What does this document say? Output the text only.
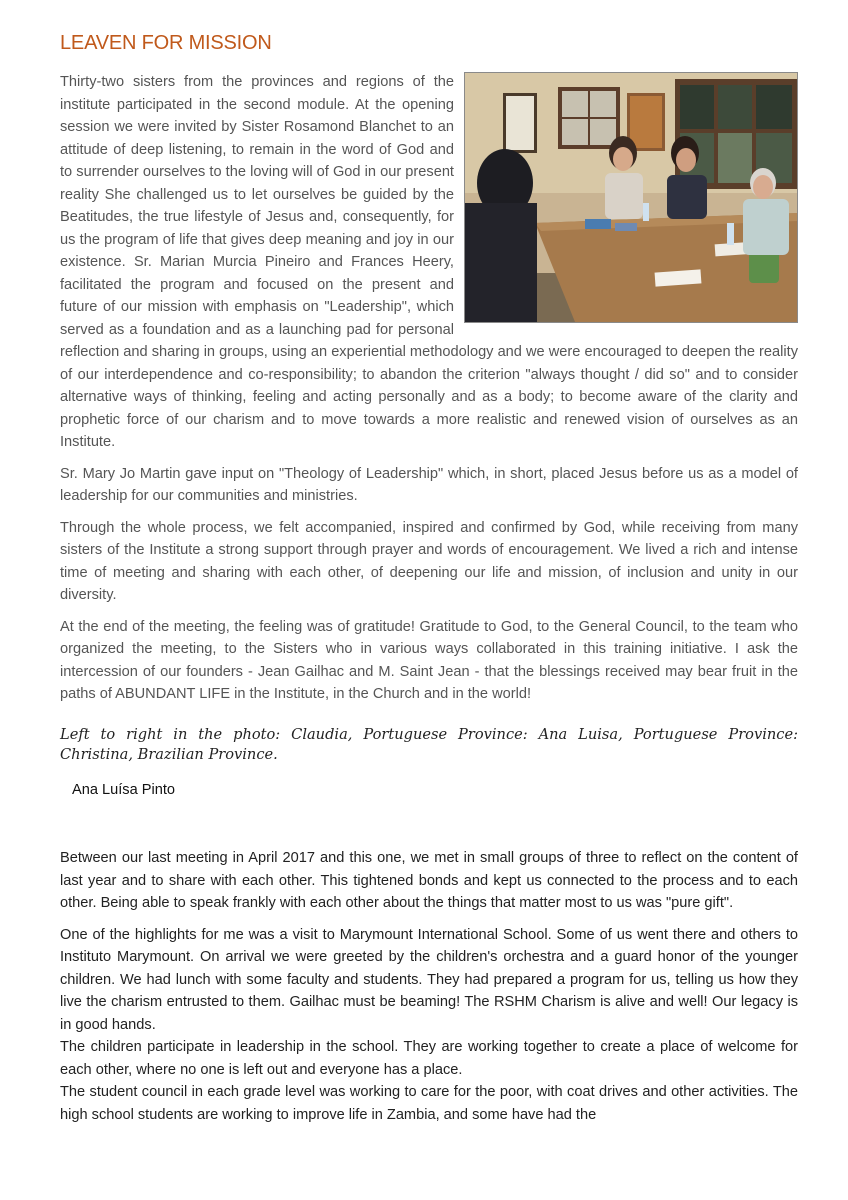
LEAVEN FOR MISSION

Thirty-two sisters from the provinces and regions of the institute participated in the second module. At the opening session we were invited by Sister Rosamond Blanchet to an attitude of deep listening, to remain in the word of God and to surrender ourselves to the loving will of God in our present reality She challenged us to let ourselves be guided by the Beatitudes, the true lifestyle of Jesus and, consequently, for us the program of life that gives deep meaning and joy in our existence. Sr. Marian Murcia Pineiro and Frances Heery, facilitated the program and focused on the present and future of our mission with emphasis on "Leadership", which served as a foundation and as a launching pad for personal reflection and sharing in groups, using an experiential methodology and we were encouraged to deepen the reality of our interdependence and co-responsibility; to abandon the criterion "always thought / did so" and to consider alternative ways of thinking, feeling and acting personally and as a body; to become aware of the clarity and prophetic force of our charism and to move towards a more realistic and renewed vision of ourselves as an Institute.

Sr. Mary Jo Martin gave input on "Theology of Leadership" which, in short, placed Jesus before us as a model of leadership for our communities and ministries.

Through the whole process, we felt accompanied, inspired and confirmed by God, while receiving from many sisters of the Institute a strong support through prayer and words of encouragement. We lived a rich and intense time of meeting and sharing with each other, of deepening our life and mission, of inclusion and unity in our diversity.

At the end of the meeting, the feeling was of gratitude! Gratitude to God, to the General Council, to the team who organized the meeting, to the Sisters who in various ways collaborated in this training initiative. I ask the intercession of our founders - Jean Gailhac and M. Saint Jean - that the blessings received may bear fruit in the paths of ABUNDANT LIFE in the Institute, in the Church and in the world!

Left to right in the photo: Claudia, Portuguese Province: Ana Luisa, Portuguese Province: Christina, Brazilian Province.

Ana Luísa Pinto

Between our last meeting in April 2017 and this one, we met in small groups of three to reflect on the content of last year and to share with each other. This tightened bonds and kept us connected to the process and to each other. Being able to speak frankly with each other about the things that matter most to us was "pure gift".

One of the highlights for me was a visit to Marymount International School. Some of us went there and others to Instituto Marymount. On arrival we were greeted by the children's orchestra and a guard honor of the younger children. We had lunch with some faculty and students. They had prepared a program for us, telling us how they live the charism entrusted to them. Gailhac must be beaming! The RSHM Charism is alive and well! Our legacy is in good hands.

The children participate in leadership in the school. They are working together to create a place of welcome for each other, where no one is left out and everyone has a place.

The student council in each grade level was working to care for the poor, with coat drives and other activities. The high school students are working to improve life in Zambia, and some have had the
